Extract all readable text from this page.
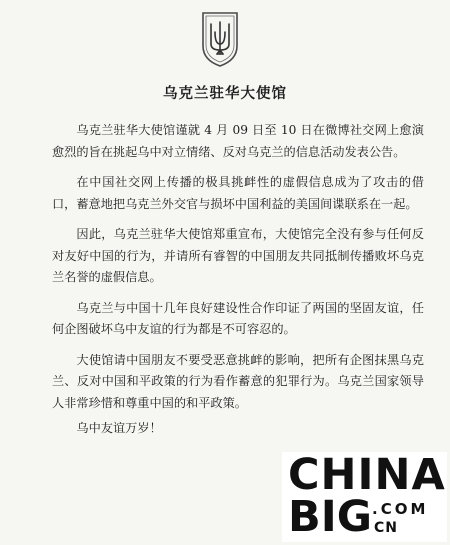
乌克兰驻华大使馆

乌克兰驻华大使馆谨就 4 月 09 日至 10 日在微博社交网上愈演愈烈的旨在挑起乌中对立情绪、反对乌克兰的信息活动发表公告。

在中国社交网上传播的极具挑衅性的虚假信息成为了攻击的借口，蓄意地把乌克兰外交官与损坏中国利益的美国间谍联系在一起。

因此，乌克兰驻华大使馆郑重宣布，大使馆完全没有参与任何反对友好中国的行为，并请所有睿智的中国朋友共同抵制传播败坏乌克兰名誉的虚假信息。

乌克兰与中国十几年良好建设性合作印证了两国的坚固友谊，任何企图破坏乌中友谊的行为都是不可容忍的。

大使馆请中国朋友不要受恶意挑衅的影响，把所有企图抹黑乌克兰、反对中国和平政策的行为看作蓄意的犯罪行为。乌克兰国家领导人非常珍惜和尊重中国的和平政策。

乌中友谊万岁！

CHINA
BIG .COM
CN
